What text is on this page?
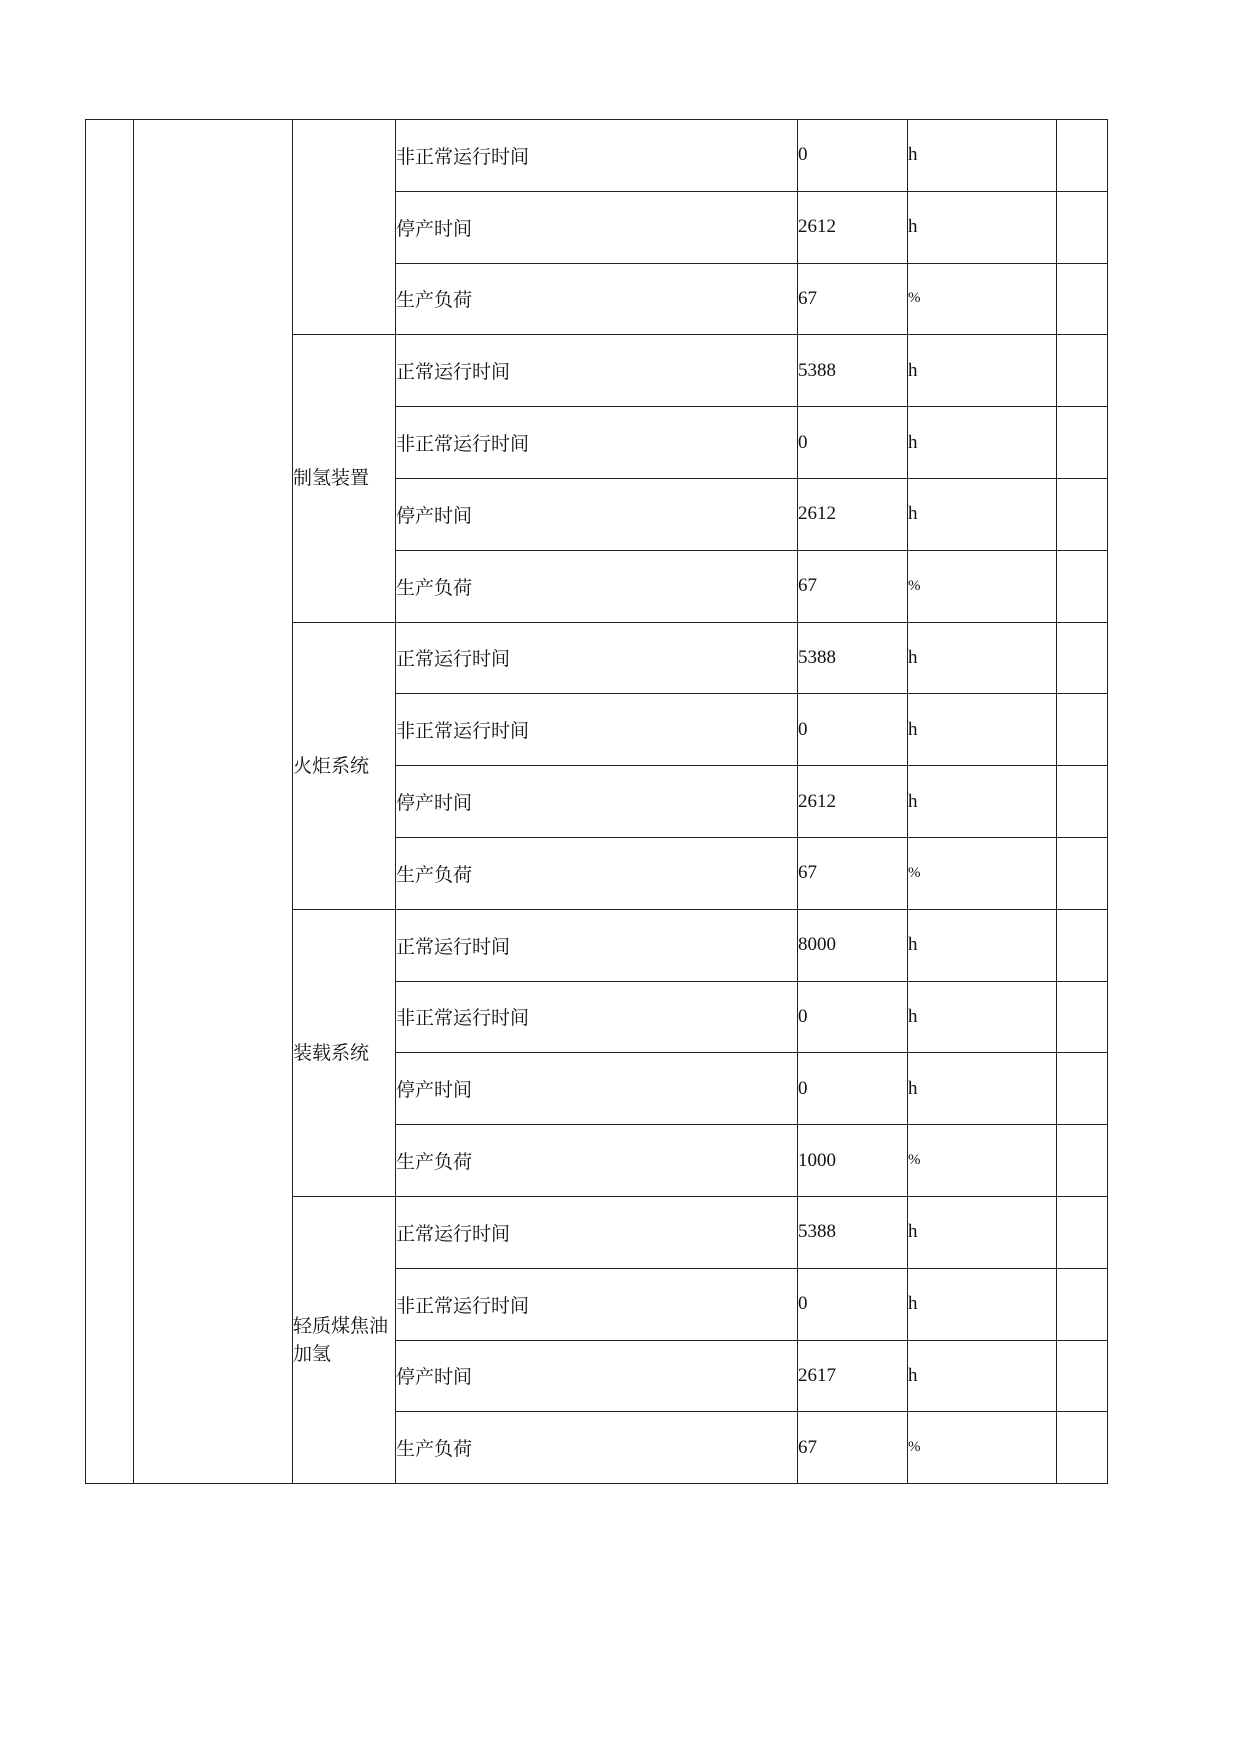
			非正常运行时间	0	h	
			停产时间	2612	h	
			生产负荷	67	%	
		制氢装置	正常运行时间	5388	h	
			非正常运行时间	0	h	
			停产时间	2612	h	
			生产负荷	67	%	
		火炬系统	正常运行时间	5388	h	
			非正常运行时间	0	h	
			停产时间	2612	h	
			生产负荷	67	%	
		装载系统	正常运行时间	8000	h	
			非正常运行时间	0	h	
			停产时间	0	h	
			生产负荷	1000	%	
		轻质煤焦油加氢	正常运行时间	5388	h	
			非正常运行时间	0	h	
			停产时间	2617	h	
			生产负荷	67	%	
